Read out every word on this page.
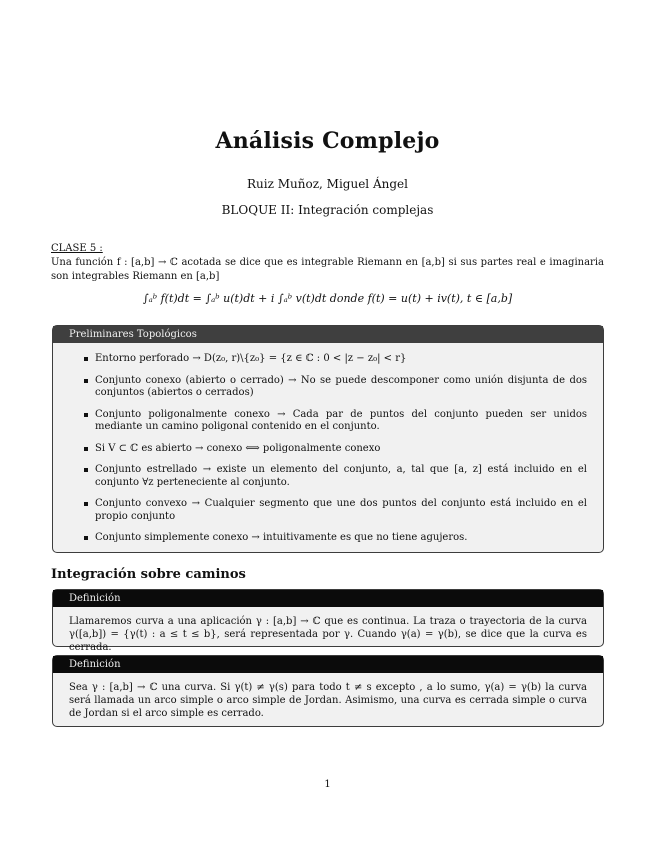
Análisis Complejo
Ruiz Muñoz, Miguel Ángel
BLOQUE II: Integración complejas
CLASE 5 :
Una función f : [a,b] → ℂ acotada se dice que es integrable Riemann en [a,b] si sus partes real e imaginaria son integrables Riemann en [a,b]
∫ₐᵇ f(t)dt = ∫ₐᵇ u(t)dt + i ∫ₐᵇ v(t)dt donde f(t) = u(t) + iv(t), t ∈ [a,b]
Preliminares Topológicos
Entorno perforado → D(z₀, r)\{z₀} = {z ∈ ℂ : 0 < |z − z₀| < r}
Conjunto conexo (abierto o cerrado) → No se puede descomponer como unión disjunta de dos conjuntos (abiertos o cerrados)
Conjunto poligonalmente conexo → Cada par de puntos del conjunto pueden ser unidos mediante un camino poligonal contenido en el conjunto.
Si V ⊂ ℂ es abierto → conexo ⟺ poligonalmente conexo
Conjunto estrellado → existe un elemento del conjunto, a, tal que [a, z] está incluido en el conjunto ∀z perteneciente al conjunto.
Conjunto convexo → Cualquier segmento que une dos puntos del conjunto está incluido en el propio conjunto
Conjunto simplemente conexo → intuitivamente es que no tiene agujeros.
Integración sobre caminos
Definición
Llamaremos curva a una aplicación γ : [a,b] → ℂ que es continua. La traza o trayectoria de la curva γ([a,b]) = {γ(t) : a ≤ t ≤ b}, será representada por γ. Cuando γ(a) = γ(b), se dice que la curva es cerrada.
Definición
Sea γ : [a,b] → ℂ una curva. Si γ(t) ≠ γ(s) para todo t ≠ s excepto , a lo sumo, γ(a) = γ(b) la curva será llamada un arco simple o arco simple de Jordan. Asimismo, una curva es cerrada simple o curva de Jordan si el arco simple es cerrado.
1
